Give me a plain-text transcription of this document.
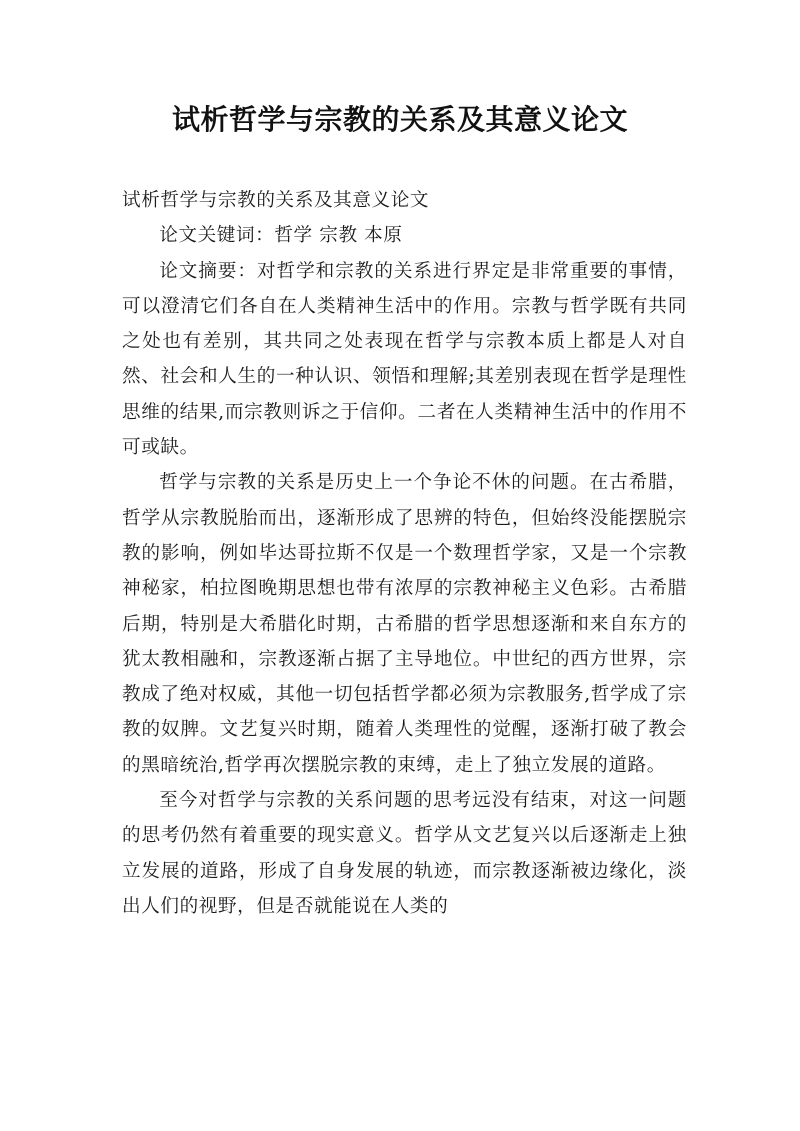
试析哲学与宗教的关系及其意义论文

试析哲学与宗教的关系及其意义论文

论文关键词：哲学 宗教 本原

论文摘要：对哲学和宗教的关系进行界定是非常重要的事情，可以澄清它们各自在人类精神生活中的作用。宗教与哲学既有共同之处也有差别，其共同之处表现在哲学与宗教本质上都是人对自然、社会和人生的一种认识、领悟和理解;其差别表现在哲学是理性思维的结果,而宗教则诉之于信仰。二者在人类精神生活中的作用不可或缺。

哲学与宗教的关系是历史上一个争论不休的问题。在古希腊，哲学从宗教脱胎而出，逐渐形成了思辨的特色，但始终没能摆脱宗教的影响，例如毕达哥拉斯不仅是一个数理哲学家，又是一个宗教神秘家，柏拉图晚期思想也带有浓厚的宗教神秘主义色彩。古希腊后期，特别是大希腊化时期，古希腊的哲学思想逐渐和来自东方的犹太教相融和，宗教逐渐占据了主导地位。中世纪的西方世界，宗教成了绝对权威，其他一切包括哲学都必须为宗教服务,哲学成了宗教的奴脾。文艺复兴时期，随着人类理性的觉醒，逐渐打破了教会的黑暗统治,哲学再次摆脱宗教的束缚，走上了独立发展的道路。

至今对哲学与宗教的关系问题的思考远没有结束，对这一问题的思考仍然有着重要的现实意义。哲学从文艺复兴以后逐渐走上独立发展的道路，形成了自身发展的轨迹，而宗教逐渐被边缘化，淡出人们的视野，但是否就能说在人类的
